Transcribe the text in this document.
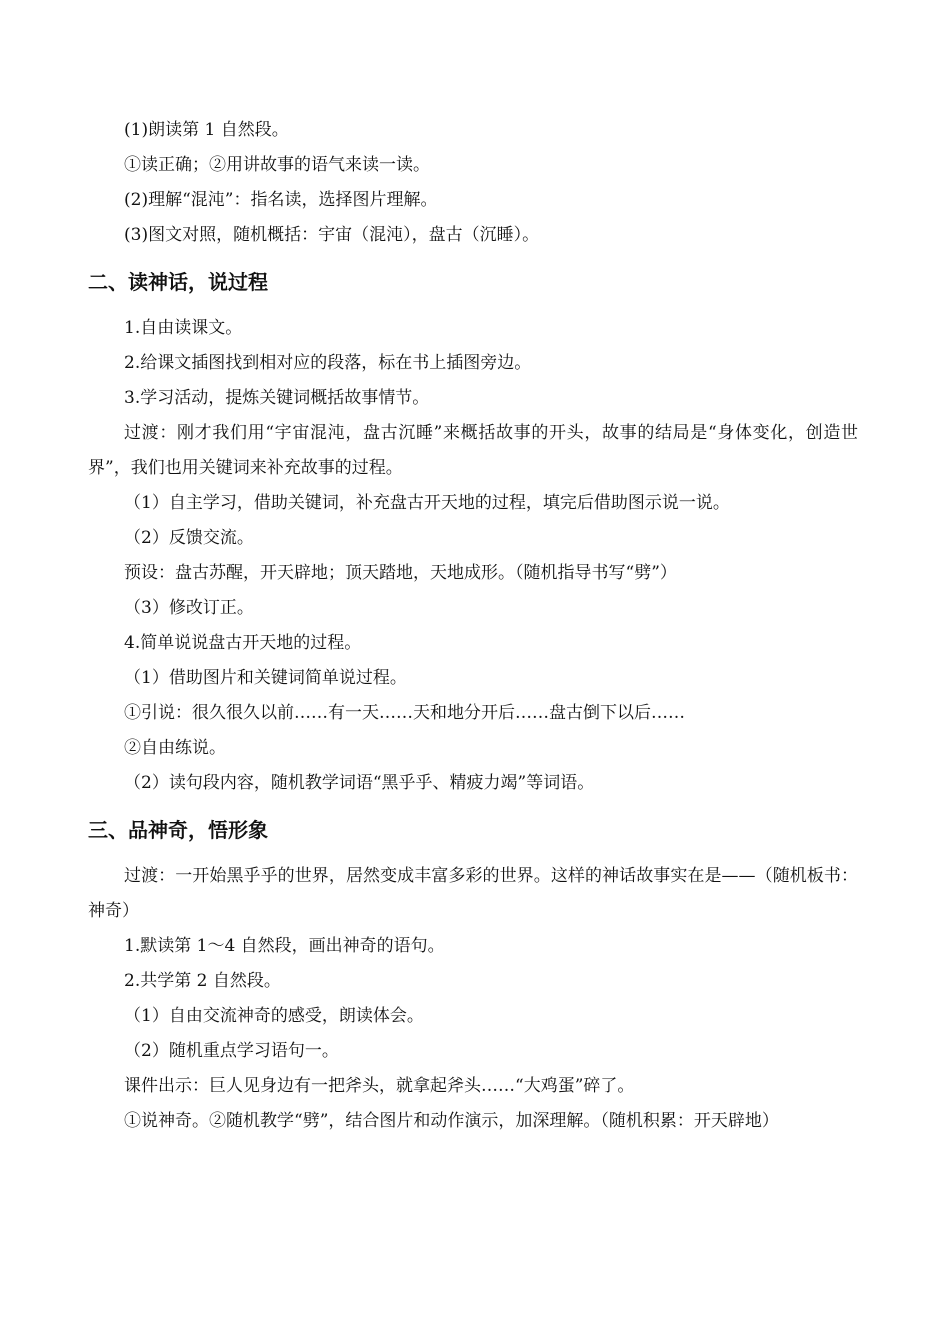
(1)朗读第 1 自然段。

①读正确；②用讲故事的语气来读一读。

(2)理解“混沌”：指名读，选择图片理解。

(3)图文对照，随机概括：宇宙（混沌），盘古（沉睡）。

二、读神话，说过程

1.自由读课文。

2.给课文插图找到相对应的段落，标在书上插图旁边。

3.学习活动，提炼关键词概括故事情节。

过渡：刚才我们用“宇宙混沌，盘古沉睡”来概括故事的开头，故事的结局是“身体变化，创造世界”，我们也用关键词来补充故事的过程。

（1）自主学习，借助关键词，补充盘古开天地的过程，填完后借助图示说一说。

（2）反馈交流。

预设：盘古苏醒，开天辟地；顶天踏地，天地成形。（随机指导书写“劈”）

（3）修改订正。

4.简单说说盘古开天地的过程。

（1）借助图片和关键词简单说过程。

①引说：很久很久以前……有一天……天和地分开后……盘古倒下以后……

②自由练说。

（2）读句段内容，随机教学词语“黑乎乎、精疲力竭”等词语。

三、品神奇，悟形象

过渡：一开始黑乎乎的世界，居然变成丰富多彩的世界。这样的神话故事实在是——（随机板书：神奇）

1.默读第 1～4 自然段，画出神奇的语句。

2.共学第 2 自然段。

（1）自由交流神奇的感受，朗读体会。

（2）随机重点学习语句一。

课件出示：巨人见身边有一把斧头，就拿起斧头……“大鸡蛋”碎了。

①说神奇。②随机教学“劈”，结合图片和动作演示，加深理解。（随机积累：开天辟地）
